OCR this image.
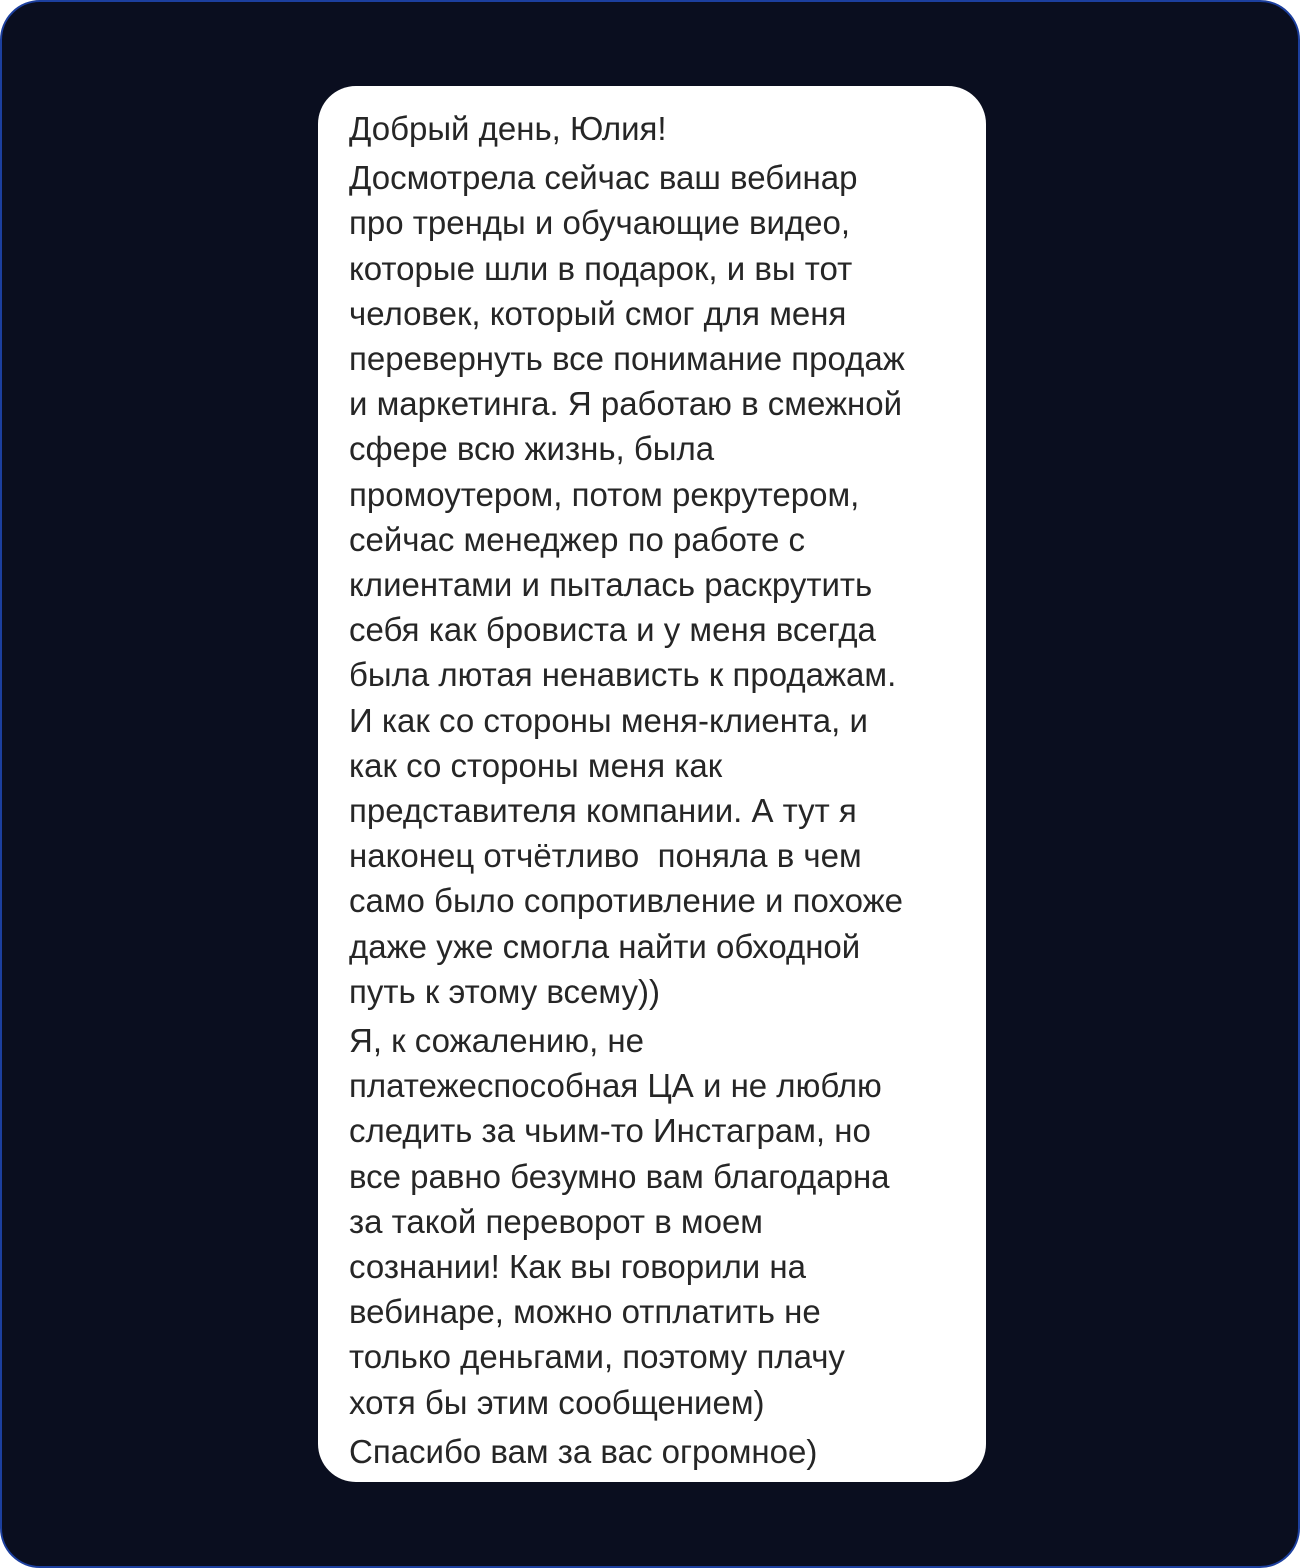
Добрый день, Юлия!
Досмотрела сейчас ваш вебинар
про тренды и обучающие видео,
которые шли в подарок, и вы тот
человек, который смог для меня
перевернуть все понимание продаж
и маркетинга. Я работаю в смежной
сфере всю жизнь, была
промоутером, потом рекрутером,
сейчас менеджер по работе с
клиентами и пыталась раскрутить
себя как бровиста и у меня всегда
была лютая ненависть к продажам.
И как со стороны меня-клиента, и
как со стороны меня как
представителя компании. А тут я
наконец отчётливо  поняла в чем
само было сопротивление и похоже
даже уже смогла найти обходной
путь к этому всему))
Я, к сожалению, не
платежеспособная ЦА и не люблю
следить за чьим-то Инстаграм, но
все равно безумно вам благодарна
за такой переворот в моем
сознании! Как вы говорили на
вебинаре, можно отплатить не
только деньгами, поэтому плачу
хотя бы этим сообщением)
Спасибо вам за вас огромное)
